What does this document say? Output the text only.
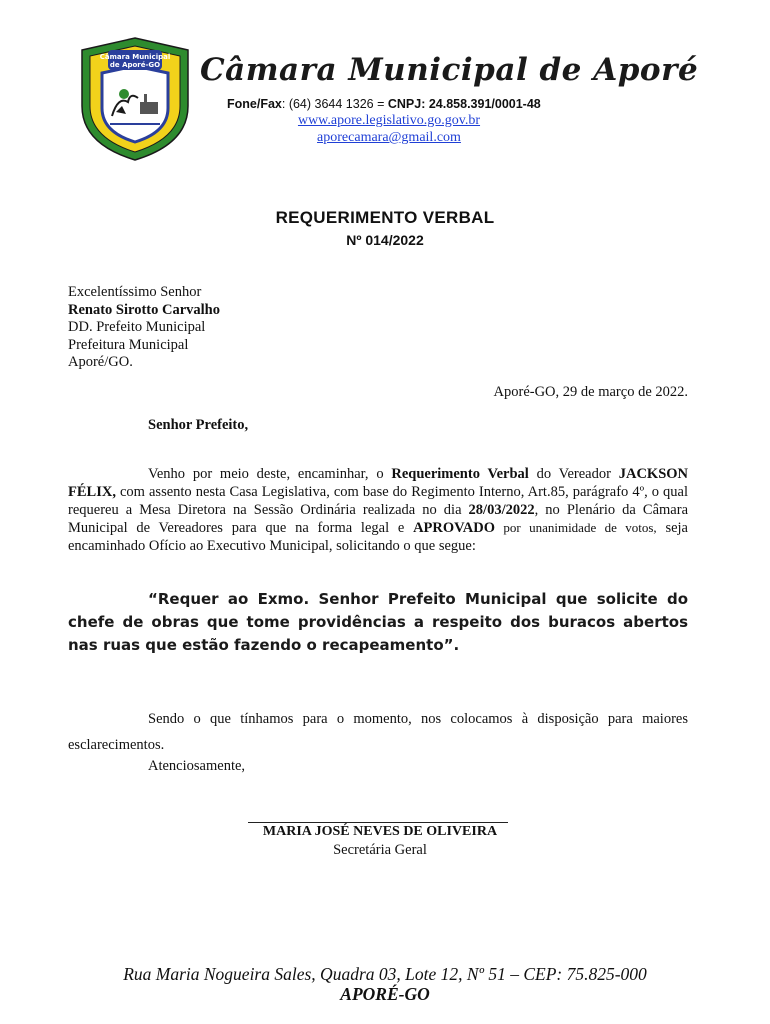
Câmara Municipal
de Aporé-GO Câmara Municipal de Aporé
Fone/Fax: (64) 3644 1326 = CNPJ: 24.858.391/0001-48
www.apore.legislativo.go.gov.br
aporecamara@gmail.com
REQUERIMENTO VERBAL
Nº 014/2022
Excelentíssimo Senhor
Renato Sirotto Carvalho
DD. Prefeito Municipal
Prefeitura Municipal
Aporé/GO.
Aporé-GO, 29 de março de 2022.
Senhor Prefeito,
Venho por meio deste, encaminhar, o Requerimento Verbal do Vereador JACKSON FÉLIX, com assento nesta Casa Legislativa, com base do Regimento Interno, Art.85, parágrafo 4º, o qual requereu a Mesa Diretora na Sessão Ordinária realizada no dia 28/03/2022, no Plenário da Câmara Municipal de Vereadores para que na forma legal e APROVADO por unanimidade de votos, seja encaminhado Ofício ao Executivo Municipal, solicitando o que segue:
“Requer ao Exmo. Senhor Prefeito Municipal que solicite do chefe de obras que tome providências a respeito dos buracos abertos nas ruas que estão fazendo o recapeamento”.
Sendo o que tínhamos para o momento, nos colocamos à disposição para maiores esclarecimentos.
Atenciosamente,
MARIA JOSÉ NEVES DE OLIVEIRA
Secretária Geral
Rua Maria Nogueira Sales, Quadra 03, Lote 12, Nº 51 – CEP: 75.825-000
APORÉ-GO
